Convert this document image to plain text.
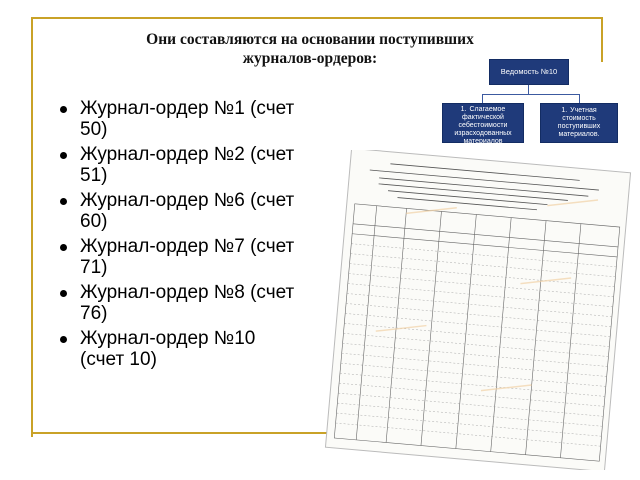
Они составляются на основании поступивших
журналов-ордеров:
Журнал-ордер №1 (счет
50)
Журнал-ордер №2 (счет
51)
Журнал-ордер №6 (счет
60)
Журнал-ордер №7 (счет
71)
Журнал-ордер №8 (счет
76)
Журнал-ордер №10
(счет 10)
Ведомость №10
1. Слагаемое фактической себестоимости израсходованных материалов
1. Учетная стоимость поступивших материалов.
